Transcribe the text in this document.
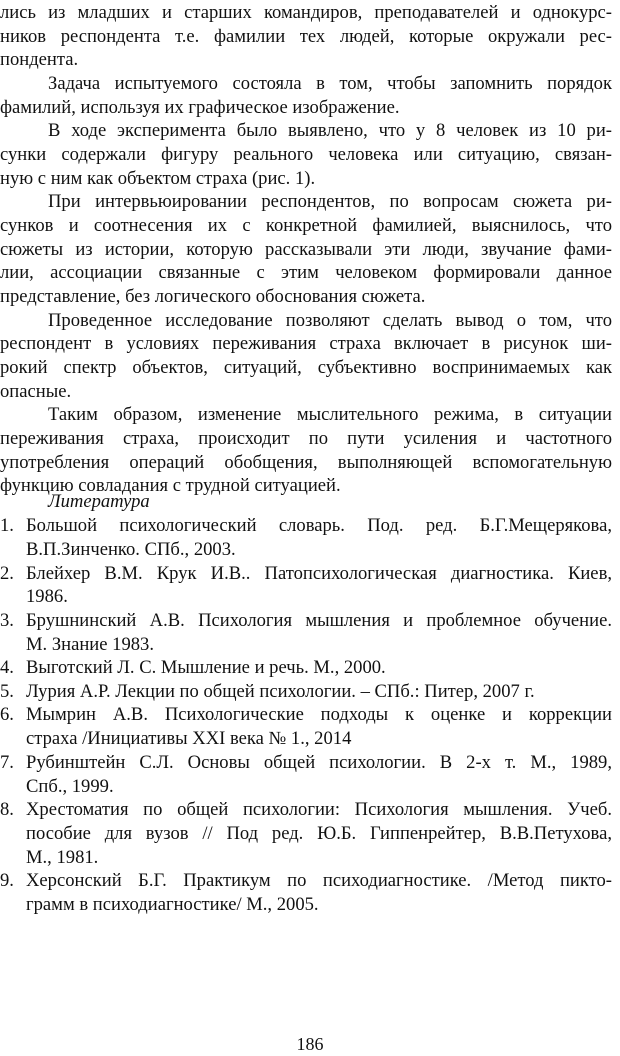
лись из младших и старших командиров, преподавателей и однокурс-
ников респондента т.е. фамилии тех людей, которые окружали рес-
пондента.
Задача испытуемого состояла в том, чтобы запомнить порядок
фамилий, используя их графическое изображение.
В ходе эксперимента было выявлено, что у 8 человек из 10 ри-
сунки содержали фигуру реального человека или ситуацию, связан-
ную с ним как объектом страха (рис. 1).
При интервьюировании респондентов, по вопросам сюжета ри-
сунков и соотнесения их с конкретной фамилией, выяснилось, что
сюжеты из истории, которую рассказывали эти люди, звучание фами-
лии, ассоциации связанные с этим человеком формировали данное
представление, без логического обоснования сюжета.
Проведенное исследование позволяют сделать вывод о том, что
респондент в условиях переживания страха включает в рисунок ши-
рокий спектр объектов, ситуаций, субъективно воспринимаемых как
опасные.
Таким образом, изменение мыслительного режима, в ситуации
переживания страха, происходит по пути усиления и частотного
употребления операций обобщения, выполняющей вспомогательную
функцию совладания с трудной ситуацией.
Литература
1. Большой психологический словарь. Под. ред. Б.Г.Мещерякова,
В.П.Зинченко. СПб., 2003.
2. Блейхер В.М. Крук И.В.. Патопсихологическая диагностика. Киев,
1986.
3. Брушнинский А.В. Психология мышления и проблемное обучение.
М. Знание 1983.
4. Выготский Л. С. Мышление и речь. М., 2000.
5. Лурия А.Р. Лекции по общей психологии. – СПб.: Питер, 2007 г.
6. Мымрин А.В. Психологические подходы к оценке и коррекции
страха /Инициативы XXI века № 1., 2014
7. Рубинштейн С.Л. Основы общей психологии. В 2-х т. М., 1989,
Спб., 1999.
8. Хрестоматия по общей психологии: Психология мышления. Учеб.
пособие для вузов // Под ред. Ю.Б. Гиппенрейтер, В.В.Петухова,
М., 1981.
9. Херсонский Б.Г. Практикум по психодиагностике. /Метод пикто-
грамм в психодиагностике/ М., 2005.
186
